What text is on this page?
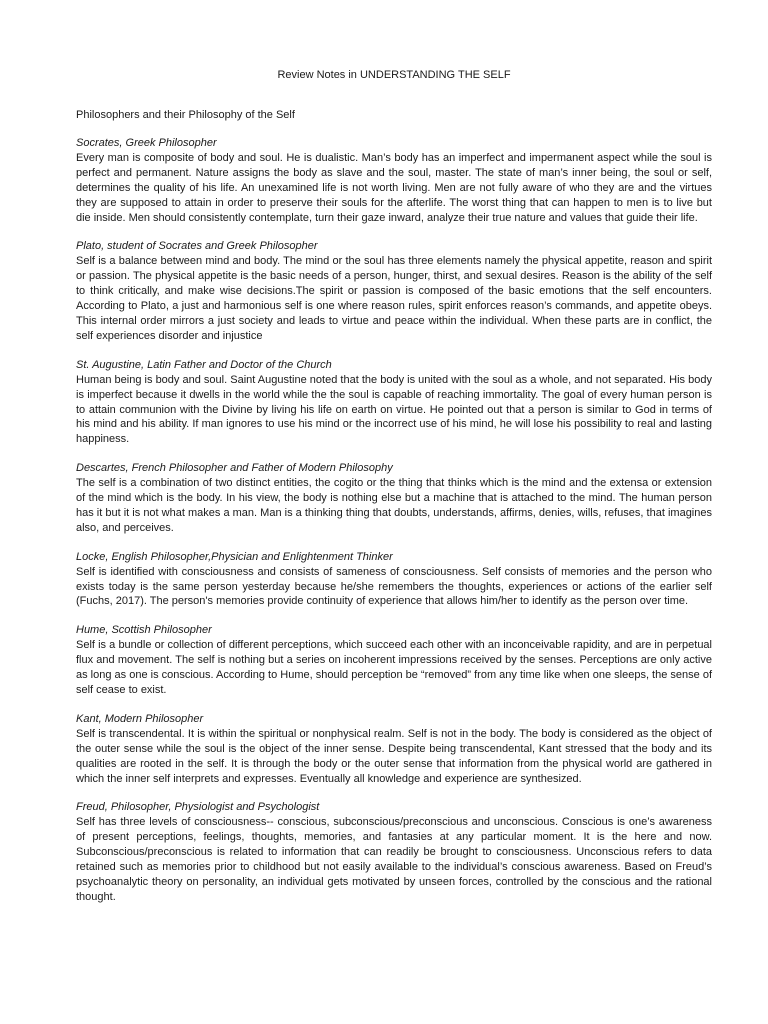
Review Notes in UNDERSTANDING THE SELF
Philosophers and their Philosophy of the Self
Socrates, Greek Philosopher

Every man is composite of body and soul. He is dualistic. Man’s body has an imperfect and impermanent aspect while the soul is perfect and permanent. Nature assigns the body as slave and the soul, master. The state of man’s inner being, the soul or self, determines the quality of his life. An unexamined life is not worth living. Men are not fully aware of who they are and the virtues they are supposed to attain in order to preserve their souls for the afterlife. The worst thing that can happen to men is to live but die inside. Men should consistently contemplate, turn their gaze inward, analyze their true nature and values that guide their life.

Plato, student of Socrates and Greek Philosopher

Self is a balance between mind and body. The mind or the soul has three elements namely the physical appetite, reason and spirit or passion. The physical appetite is the basic needs of a person, hunger, thirst, and sexual desires. Reason is the ability of the self to think critically, and make wise decisions.The spirit or passion is composed of the basic emotions that the self encounters. According to Plato, a just and harmonious self is one where reason rules, spirit enforces reason’s commands, and appetite obeys. This internal order mirrors a just society and leads to virtue and peace within the individual. When these parts are in conflict, the self experiences disorder and injustice

St. Augustine, Latin Father and Doctor of the Church

Human being is body and soul. Saint Augustine noted that the body is united with the soul as a whole, and not separated. His body is imperfect because it dwells in the world while the the soul is capable of reaching immortality. The goal of every human person is to attain communion with the Divine by living his life on earth on virtue. He pointed out that a person is similar to God in terms of his mind and his ability. If man ignores to use his mind or the incorrect use of his mind, he will lose his possibility to real and lasting happiness.

Descartes, French Philosopher and Father of Modern Philosophy

The self is a combination of two distinct entities, the cogito or the thing that thinks which is the mind and the extensa or extension of the mind which is the body. In his view, the body is nothing else but a machine that is attached to the mind. The human person has it but it is not what makes a man. Man is a thinking thing that doubts, understands, affirms, denies, wills, refuses, that imagines also, and perceives.

Locke, English Philosopher,Physician and Enlightenment Thinker

Self is identified with consciousness and consists of sameness of consciousness. Self consists of memories and the person who exists today is the same person yesterday because he/she remembers the thoughts, experiences or actions of the earlier self (Fuchs, 2017). The person's memories provide continuity of experience that allows him/her to identify as the person over time.

Hume, Scottish Philosopher

Self is a bundle or collection of different perceptions, which succeed each other with an inconceivable rapidity, and are in perpetual flux and movement. The self is nothing but a series on incoherent impressions received by the senses. Perceptions are only active as long as one is conscious. According to Hume, should perception be “removed” from any time like when one sleeps, the sense of self cease to exist.

Kant, Modern Philosopher

Self is transcendental. It is within the spiritual or nonphysical realm. Self is not in the body. The body is considered as the object of the outer sense while the soul is the object of the inner sense. Despite being transcendental, Kant stressed that the body and its qualities are rooted in the self. It is through the body or the outer sense that information from the physical world are gathered in which the inner self interprets and expresses. Eventually all knowledge and experience are synthesized.

Freud, Philosopher, Physiologist and Psychologist

Self has three levels of consciousness-- conscious, subconscious/preconscious and unconscious. Conscious is one’s awareness of present perceptions, feelings, thoughts, memories, and fantasies at any particular moment. It is the here and now. Subconscious/preconscious is related to information that can readily be brought to consciousness. Unconscious refers to data retained such as memories prior to childhood but not easily available to the individual’s conscious awareness. Based on Freud’s psychoanalytic theory on personality, an individual gets motivated by unseen forces, controlled by the conscious and the rational thought.
